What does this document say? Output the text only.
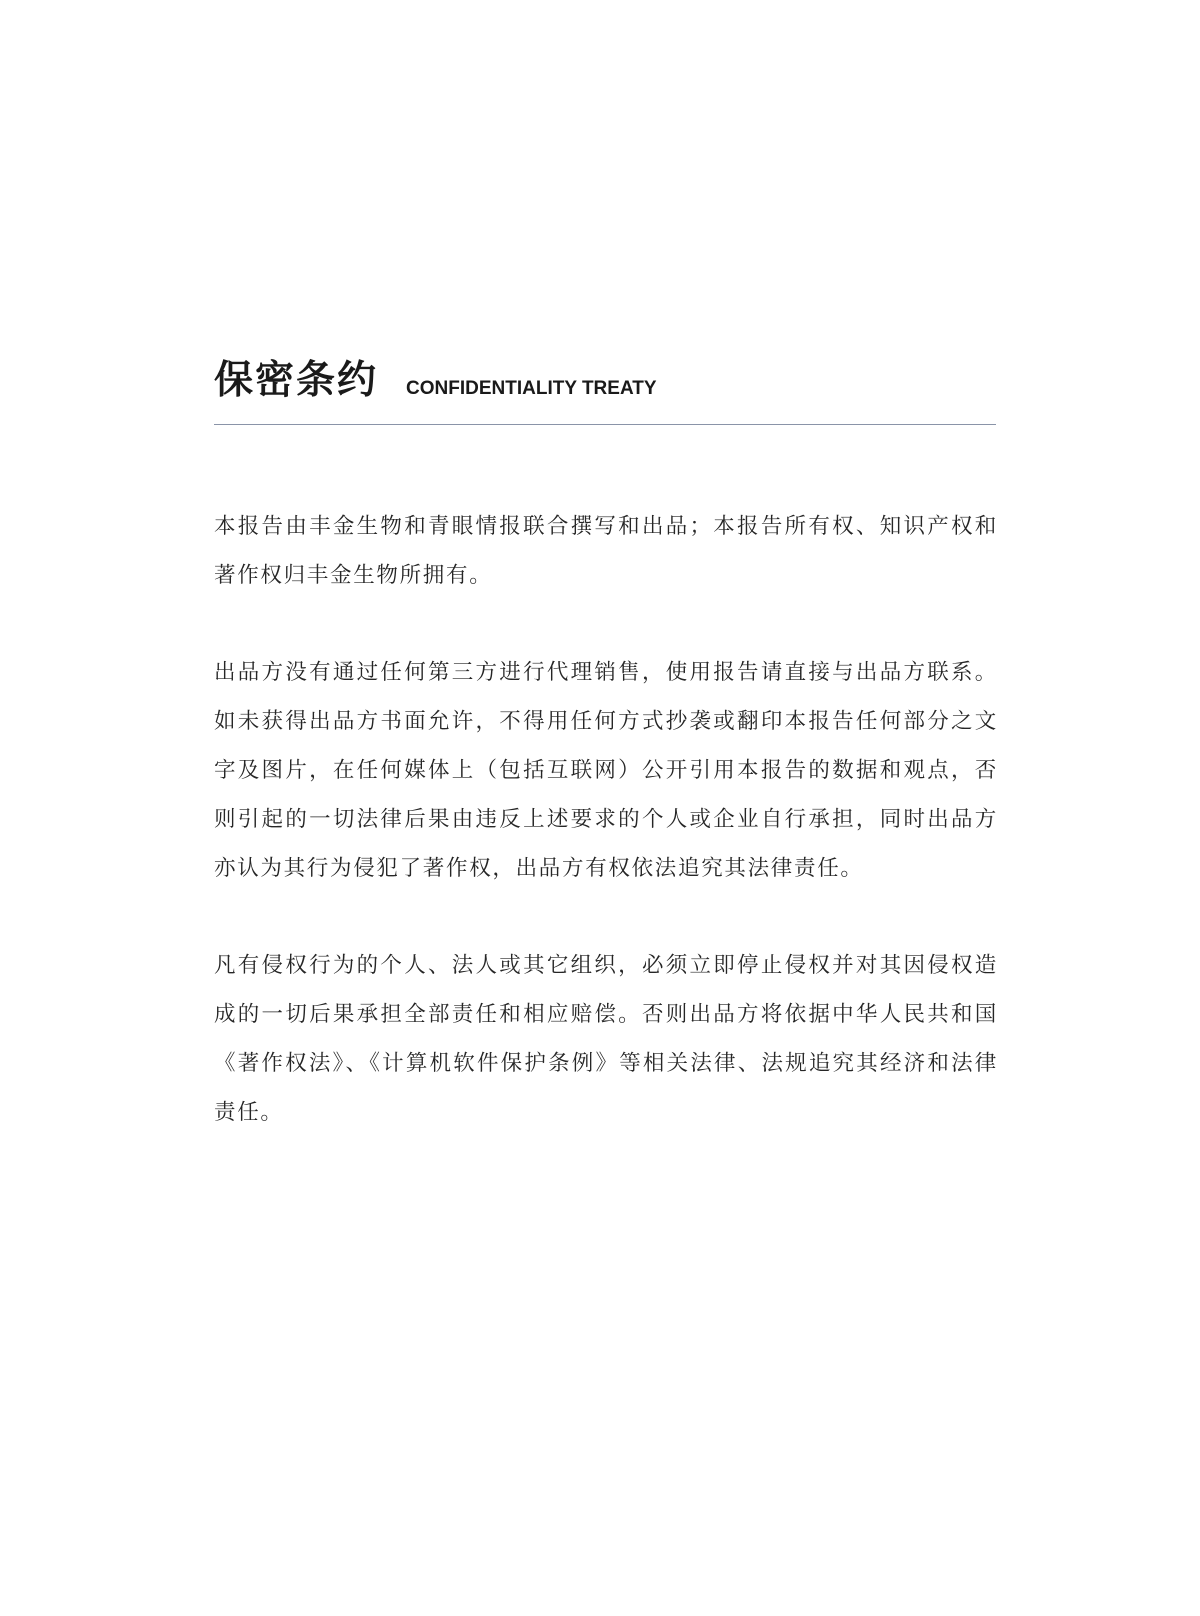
保密条约 CONFIDENTIALITY TREATY

本报告由丰金生物和青眼情报联合撰写和出品；本报告所有权、知识产权和著作权归丰金生物所拥有。

出品方没有通过任何第三方进行代理销售，使用报告请直接与出品方联系。如未获得出品方书面允许，不得用任何方式抄袭或翻印本报告任何部分之文字及图片，在任何媒体上（包括互联网）公开引用本报告的数据和观点，否则引起的一切法律后果由违反上述要求的个人或企业自行承担，同时出品方亦认为其行为侵犯了著作权，出品方有权依法追究其法律责任。

凡有侵权行为的个人、法人或其它组织，必须立即停止侵权并对其因侵权造成的一切后果承担全部责任和相应赔偿。否则出品方将依据中华人民共和国《著作权法》、《计算机软件保护条例》等相关法律、法规追究其经济和法律责任。
